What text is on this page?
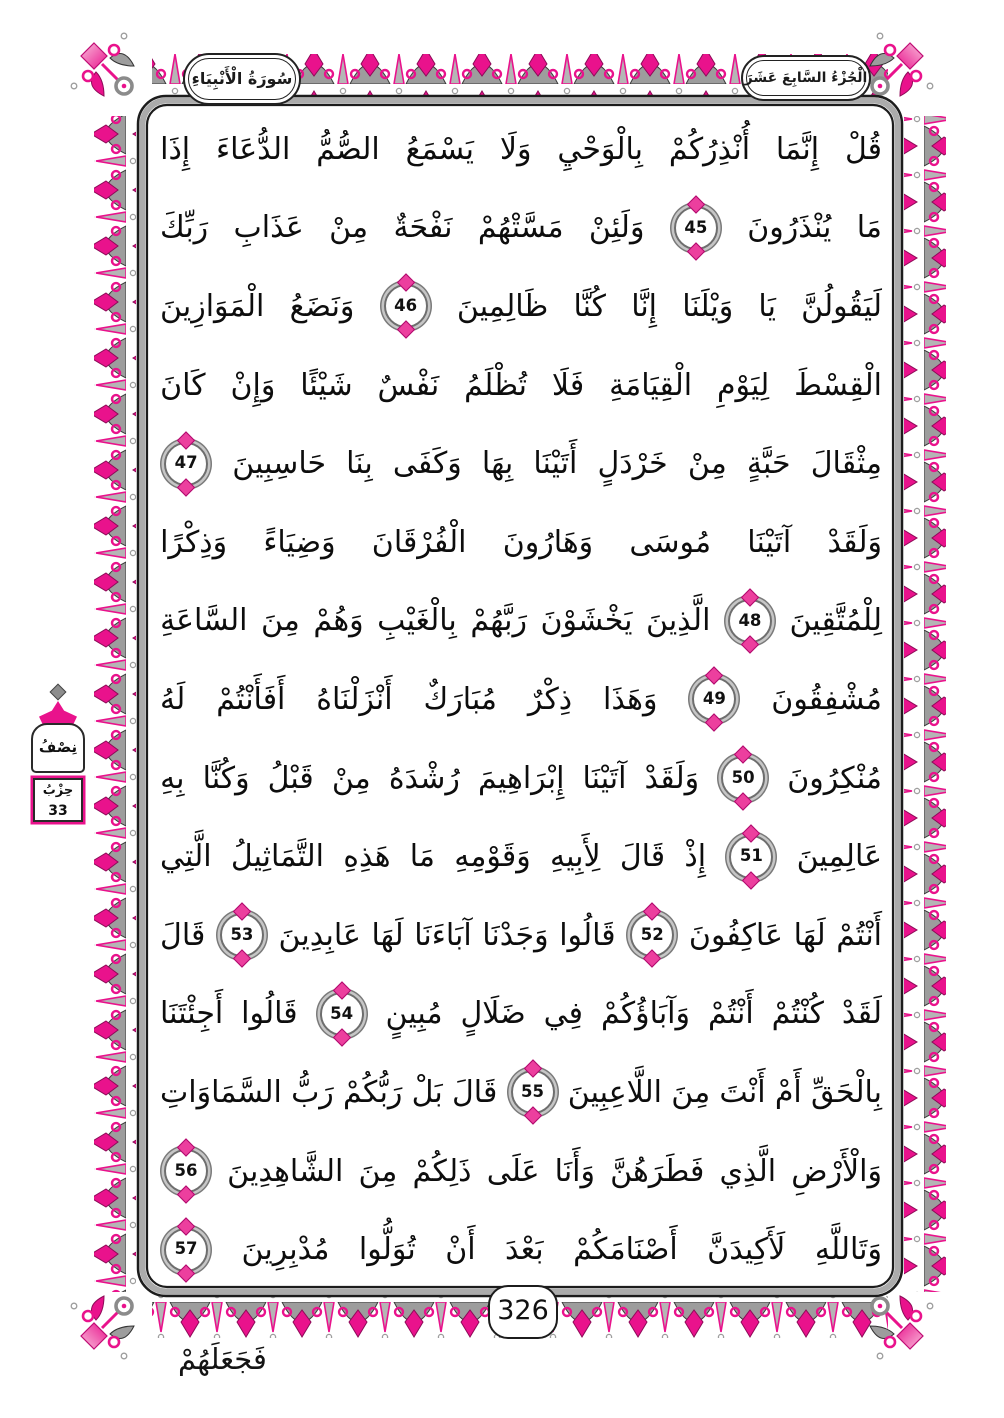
سُورَةُ الْأَنْبِيَاءِ	الْجُزْءُ السَّابِعَ عَشَرَ
قُلْ
إِنَّمَا
أُنْذِرُكُمْ
بِالْوَحْيِ
وَلَا
يَسْمَعُ
الصُّمُّ
الدُّعَاءَ
إِذَا
مَا
يُنْذَرُونَ
45
وَلَئِنْ
مَسَّتْهُمْ
نَفْحَةٌ
مِنْ
عَذَابِ
رَبِّكَ
لَيَقُولُنَّ
يَا
وَيْلَنَا
إِنَّا
كُنَّا
ظَالِمِينَ
46
وَنَضَعُ
الْمَوَازِينَ
الْقِسْطَ
لِيَوْمِ
الْقِيَامَةِ
فَلَا
تُظْلَمُ
نَفْسٌ
شَيْئًا
وَإِنْ
كَانَ
مِثْقَالَ
حَبَّةٍ
مِنْ
خَرْدَلٍ
أَتَيْنَا
بِهَا
وَكَفَى
بِنَا
حَاسِبِينَ
47
وَلَقَدْ
آتَيْنَا
مُوسَى
وَهَارُونَ
الْفُرْقَانَ
وَضِيَاءً
وَذِكْرًا
لِلْمُتَّقِينَ
48
الَّذِينَ
يَخْشَوْنَ
رَبَّهُمْ
بِالْغَيْبِ
وَهُمْ
مِنَ
السَّاعَةِ
مُشْفِقُونَ
49
وَهَذَا
ذِكْرٌ
مُبَارَكٌ
أَنْزَلْنَاهُ
أَفَأَنْتُمْ
لَهُ
مُنْكِرُونَ
50
وَلَقَدْ
آتَيْنَا
إِبْرَاهِيمَ
رُشْدَهُ
مِنْ
قَبْلُ
وَكُنَّا
بِهِ
عَالِمِينَ
51
إِذْ
قَالَ
لِأَبِيهِ
وَقَوْمِهِ
مَا
هَذِهِ
التَّمَاثِيلُ
الَّتِي
أَنْتُمْ
لَهَا
عَاكِفُونَ
52
قَالُوا
وَجَدْنَا
آبَاءَنَا
لَهَا
عَابِدِينَ
53
قَالَ
لَقَدْ
كُنْتُمْ
أَنْتُمْ
وَآبَاؤُكُمْ
فِي
ضَلَالٍ
مُبِينٍ
54
قَالُوا
أَجِئْتَنَا
بِالْحَقِّ
أَمْ
أَنْتَ
مِنَ
اللَّاعِبِينَ
55
قَالَ
بَلْ
رَبُّكُمْ
رَبُّ
السَّمَاوَاتِ
وَالْأَرْضِ
الَّذِي
فَطَرَهُنَّ
وَأَنَا
عَلَى
ذَلِكُمْ
مِنَ
الشَّاهِدِينَ
56
وَتَاللَّهِ
لَأَكِيدَنَّ
أَصْنَامَكُمْ
بَعْدَ
أَنْ
تُوَلُّوا
مُدْبِرِينَ
57
نِصْفُ
حِزْبُ
33
326
فَجَعَلَهُمْ
